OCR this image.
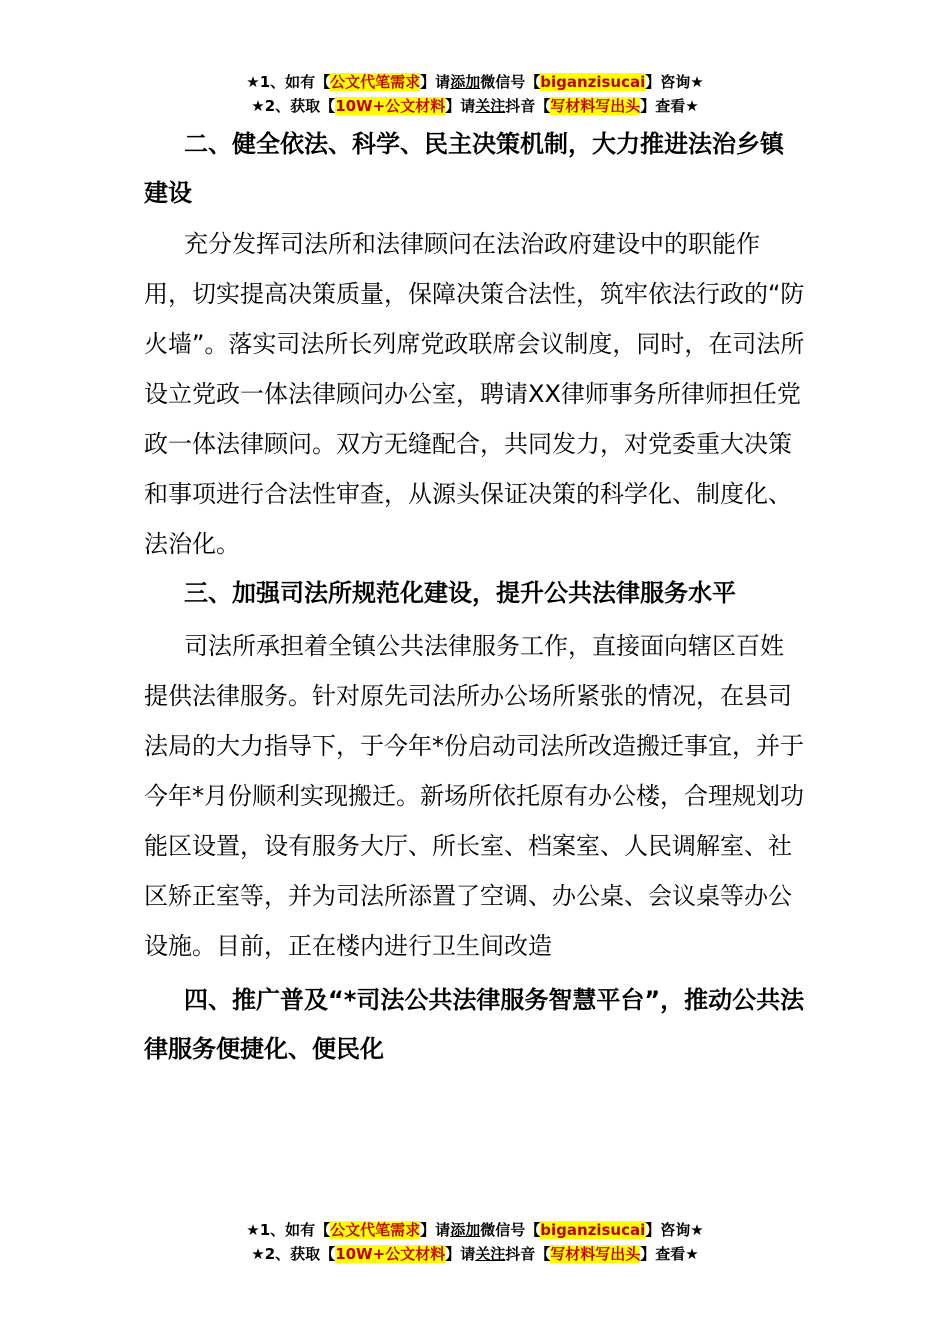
★1、如有【公文代笔需求】请添加微信号【biganzisucai】咨询★
★2、获取【10W+公文材料】请关注抖音【写材料写出头】查看★

二、健全依法、科学、民主决策机制，大力推进法治乡镇建设

充分发挥司法所和法律顾问在法治政府建设中的职能作用，切实提高决策质量，保障决策合法性，筑牢依法行政的“防火墙”。落实司法所长列席党政联席会议制度，同时，在司法所设立党政一体法律顾问办公室，聘请XX律师事务所律师担任党政一体法律顾问。双方无缝配合，共同发力，对党委重大决策和事项进行合法性审查，从源头保证决策的科学化、制度化、法治化。

三、加强司法所规范化建设，提升公共法律服务水平

司法所承担着全镇公共法律服务工作，直接面向辖区百姓提供法律服务。针对原先司法所办公场所紧张的情况，在县司法局的大力指导下，于今年*份启动司法所改造搬迁事宜，并于今年*月份顺利实现搬迁。新场所依托原有办公楼，合理规划功能区设置，设有服务大厅、所长室、档案室、人民调解室、社区矫正室等，并为司法所添置了空调、办公桌、会议桌等办公设施。目前，正在楼内进行卫生间改造

四、推广普及“*司法公共法律服务智慧平台”，推动公共法律服务便捷化、便民化

★1、如有【公文代笔需求】请添加微信号【biganzisucai】咨询★
★2、获取【10W+公文材料】请关注抖音【写材料写出头】查看★
